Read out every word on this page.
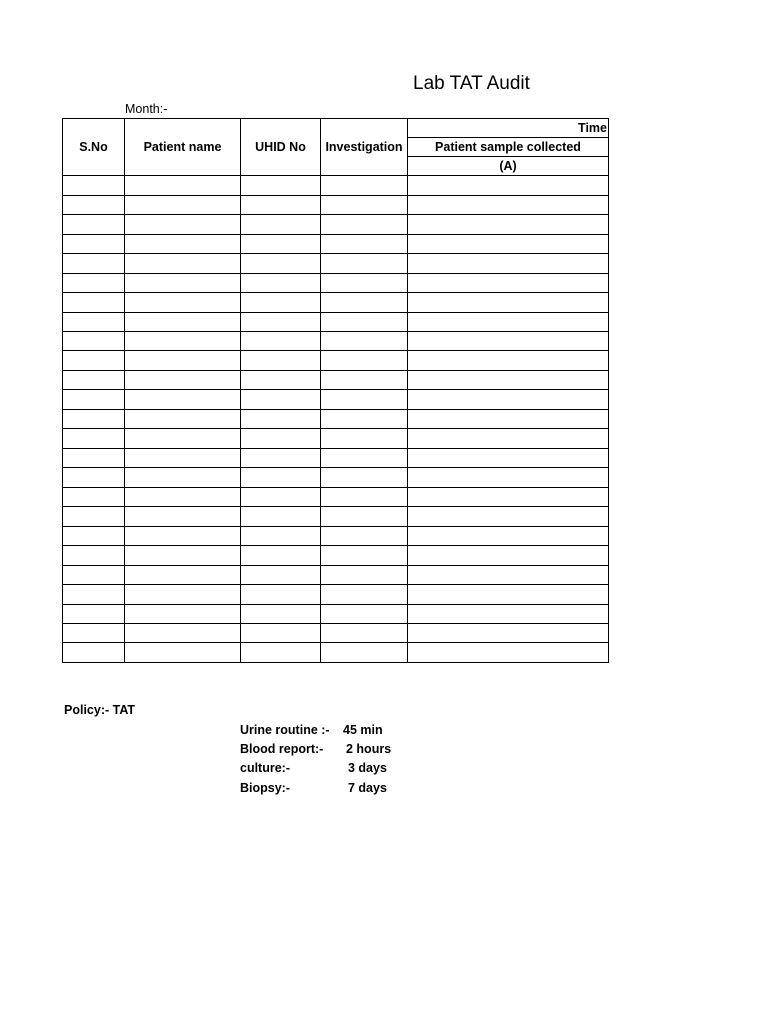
Lab TAT Audit
Month:-
S.No	Patient name	UHID No	Investigation	Time
				Patient sample collected
				(A)

Policy:- TAT
Urine routine :- 45 min
Blood report:- 2 hours
culture:-	3 days
Biopsy:-	7 days
